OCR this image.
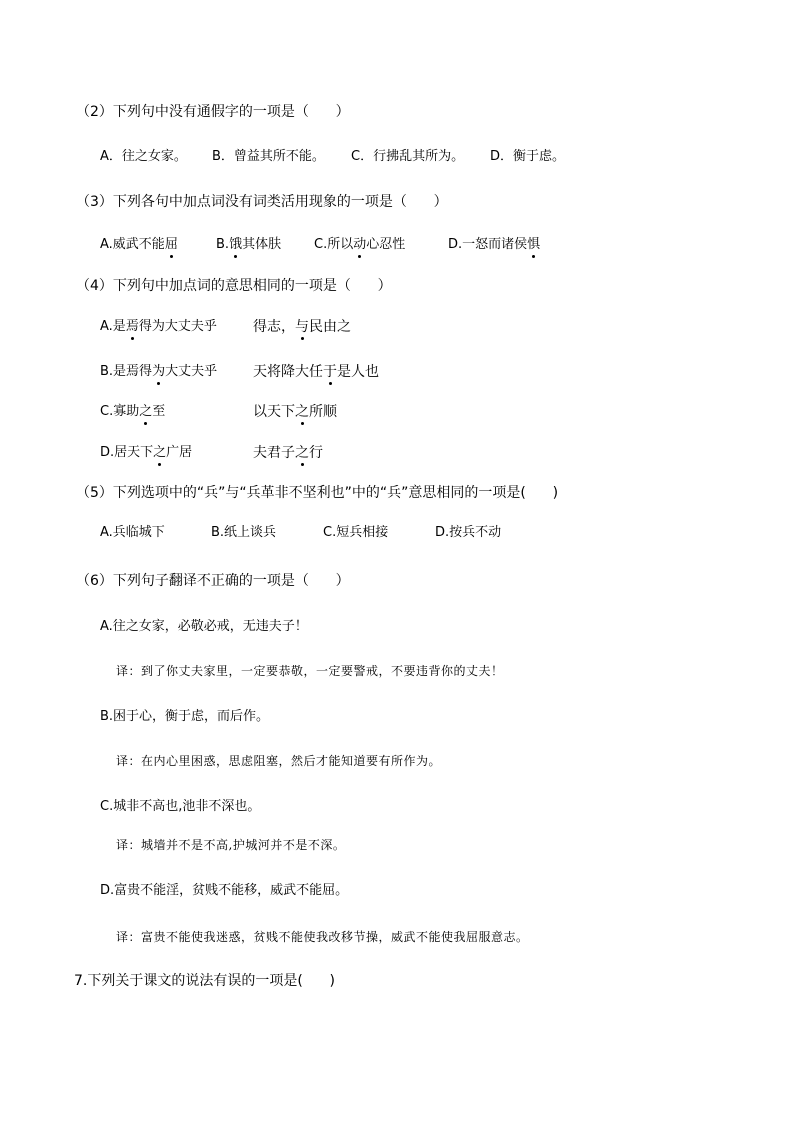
（2）下列句中没有通假字的一项是（      ）
A．往之女家。 B．曾益其所不能。 C．行拂乱其所为。 D．衡于虑。
（3）下列各句中加点词没有词类活用现象的一项是（      ）
A.威武不能屈	B.饿其体肤	C.所以动心忍性	D.一怒而诸侯惧
（4）下列句中加点词的意思相同的一项是（      ）
A.是焉得为大丈夫乎	得志，与民由之
B.是焉得为大丈夫乎	天将降大任于是人也
C.寡助之至	以天下之所顺
D.居天下之广居	夫君子之行
（5）下列选项中的“兵”与“兵革非不坚利也”中的“兵”意思相同的一项是(      )
A.兵临城下	B.纸上谈兵	C.短兵相接	D.按兵不动
（6）下列句子翻译不正确的一项是（      ）
A.往之女家，必敬必戒，无违夫子！
译：到了你丈夫家里，一定要恭敬，一定要警戒，不要违背你的丈夫！
B.困于心，衡于虑，而后作。
译：在内心里困惑，思虑阻塞，然后才能知道要有所作为。
C.城非不高也,池非不深也。
译：城墙并不是不高,护城河并不是不深。
D.富贵不能淫，贫贱不能移，威武不能屈。
译：富贵不能使我迷惑，贫贱不能使我改移节操，威武不能使我屈服意志。
7.下列关于课文的说法有误的一项是(      )
